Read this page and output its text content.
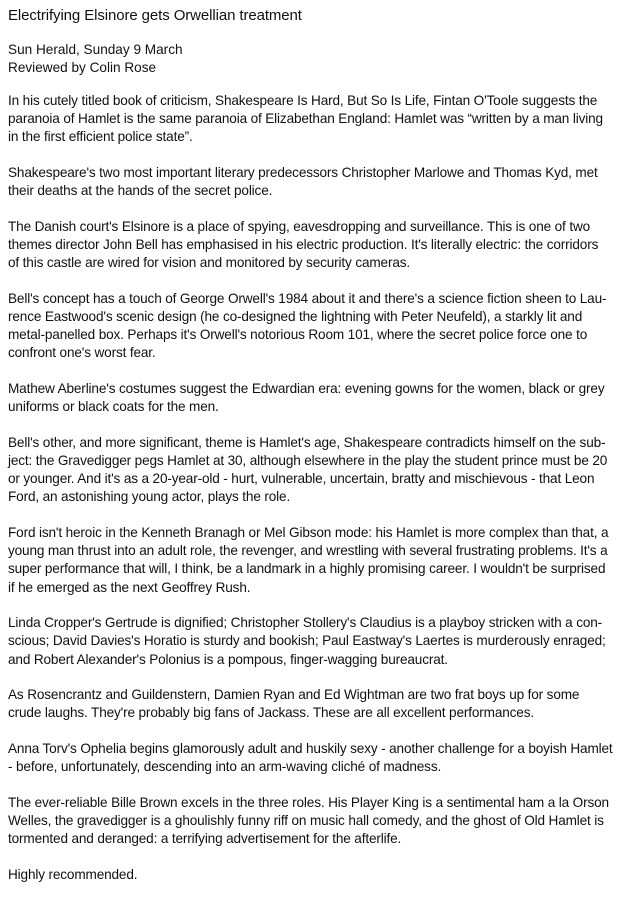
Electrifying Elsinore gets Orwellian treatment
Sun Herald, Sunday 9 March
Reviewed by Colin Rose

In his cutely titled book of criticism, Shakespeare Is Hard, But So Is Life, Fintan O'Toole suggests the
paranoia of Hamlet is the same paranoia of Elizabethan England: Hamlet was “written by a man living
in the first efficient police state”.

Shakespeare's two most important literary predecessors Christopher Marlowe and Thomas Kyd, met
their deaths at the hands of the secret police.

The Danish court's Elsinore is a place of spying, eavesdropping and surveillance. This is one of two
themes director John Bell has emphasised in his electric production. It's literally electric: the corridors
of this castle are wired for vision and monitored by security cameras.

Bell's concept has a touch of George Orwell's 1984 about it and there's a science fiction sheen to Lau-
rence Eastwood's scenic design (he co-designed the lightning with Peter Neufeld), a starkly lit and
metal-panelled box. Perhaps it's Orwell's notorious Room 101, where the secret police force one to
confront one's worst fear.

Mathew Aberline's costumes suggest the Edwardian era: evening gowns for the women, black or grey
uniforms or black coats for the men.

Bell's other, and more significant, theme is Hamlet's age, Shakespeare contradicts himself on the sub-
ject: the Gravedigger pegs Hamlet at 30, although elsewhere in the play the student prince must be 20
or younger. And it's as a 20-year-old - hurt, vulnerable, uncertain, bratty and mischievous - that Leon
Ford, an astonishing young actor, plays the role.

Ford isn't heroic in the Kenneth Branagh or Mel Gibson mode: his Hamlet is more complex than that, a
young man thrust into an adult role, the revenger, and wrestling with several frustrating problems. It's a
super performance that will, I think, be a landmark in a highly promising career. I wouldn't be surprised
if he emerged as the next Geoffrey Rush.

Linda Cropper's Gertrude is dignified; Christopher Stollery's Claudius is a playboy stricken with a con-
scious; David Davies's Horatio is sturdy and bookish; Paul Eastway's Laertes is murderously enraged;
and Robert Alexander's Polonius is a pompous, finger-wagging bureaucrat.

As Rosencrantz and Guildenstern, Damien Ryan and Ed Wightman are two frat boys up for some
crude laughs. They're probably big fans of Jackass. These are all excellent performances.

Anna Torv's Ophelia begins glamorously adult and huskily sexy - another challenge for a boyish Hamlet
- before, unfortunately, descending into an arm-waving cliché of madness.

The ever-reliable Bille Brown excels in the three roles. His Player King is a sentimental ham a la Orson
Welles, the gravedigger is a ghoulishly funny riff on music hall comedy, and the ghost of Old Hamlet is
tormented and deranged: a terrifying advertisement for the afterlife.

Highly recommended.
